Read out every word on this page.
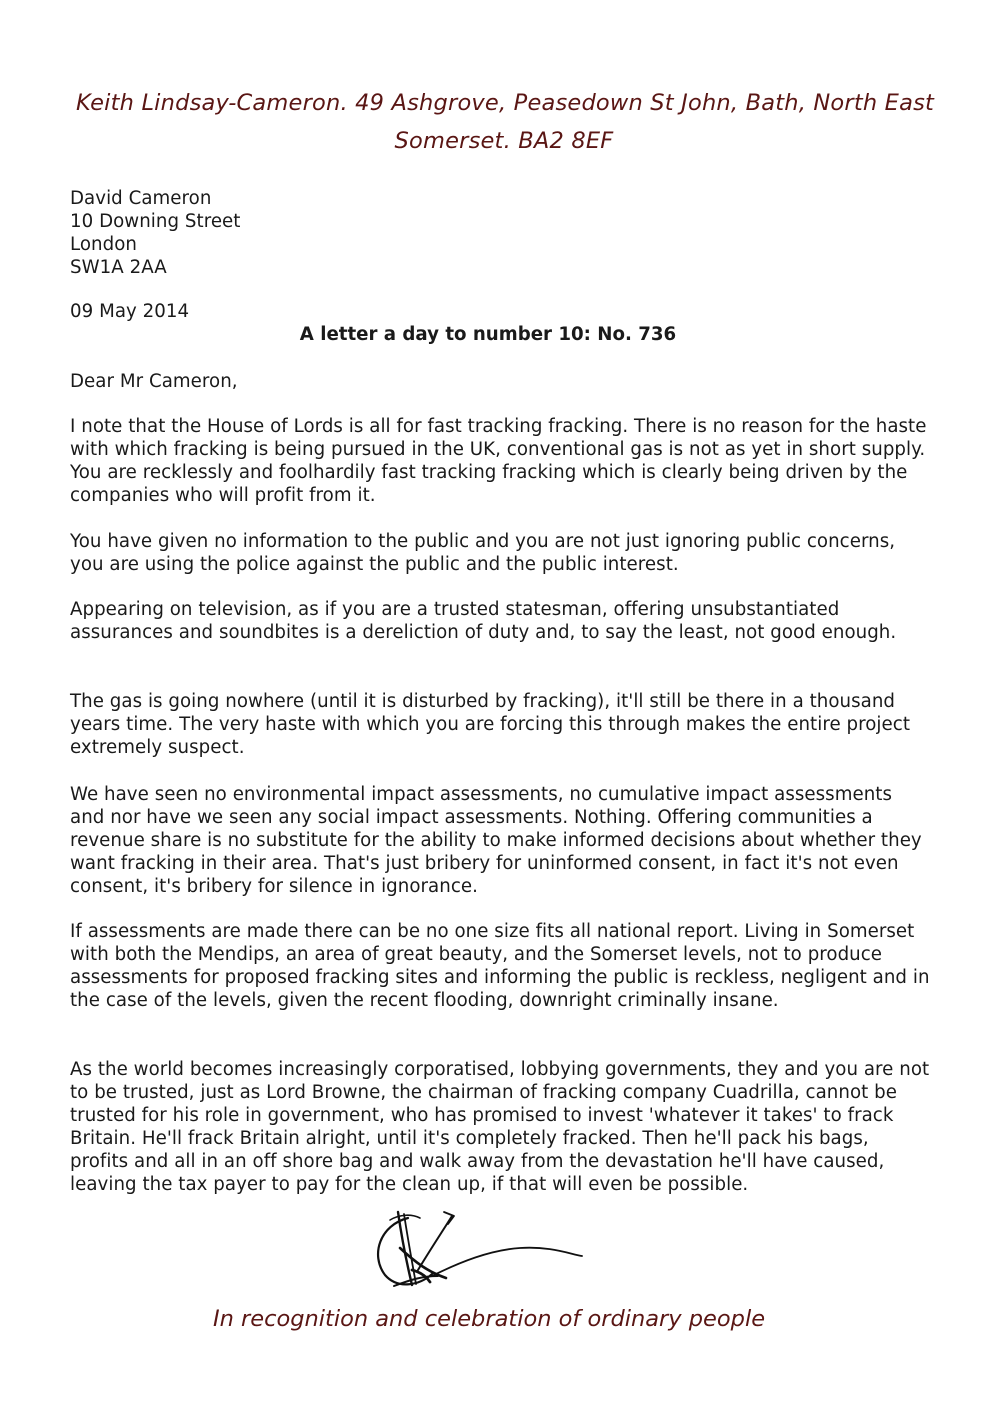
Keith Lindsay-Cameron. 49 Ashgrove, Peasedown St John, Bath, North East
Somerset. BA2 8EF
David Cameron
10 Downing Street
London
SW1A 2AA
09 May 2014
A letter a day to number 10: No. 736
Dear Mr Cameron,
I note that the House of Lords is all for fast tracking fracking. There is no reason for the haste with which fracking is being pursued in the UK, conventional gas is not as yet in short supply. You are recklessly and foolhardily fast tracking fracking which is clearly being driven by the companies who will profit from it.
You have given no information to the public and you are not just ignoring public concerns, you are using the police against the public and the public interest.
Appearing on television, as if you are a trusted statesman, offering unsubstantiated assurances and soundbites is a dereliction of duty and, to say the least, not good enough.
The gas is going nowhere (until it is disturbed by fracking), it'll still be there in a thousand years time. The very haste with which you are forcing this through makes the entire project extremely suspect.
We have seen no environmental impact assessments, no cumulative impact assessments and nor have we seen any social impact assessments. Nothing. Offering communities a revenue share is no substitute for the ability to make informed decisions about whether they want fracking in their area. That's just bribery for uninformed consent, in fact it's not even consent, it's bribery for silence in ignorance.
If assessments are made there can be no one size fits all national report. Living in Somerset with both the Mendips, an area of great beauty, and the Somerset levels, not to produce assessments for proposed fracking sites and informing the public is reckless, negligent and in the case of the levels, given the recent flooding, downright criminally insane.
As the world becomes increasingly corporatised, lobbying governments, they and you are not to be trusted, just as Lord Browne, the chairman of fracking company Cuadrilla, cannot be trusted for his role in government, who has promised to invest 'whatever it takes' to frack Britain. He'll frack Britain alright, until it's completely fracked. Then he'll pack his bags, profits and all in an off shore bag and walk away from the devastation he'll have caused, leaving the tax payer to pay for the clean up, if that will even be possible.
In recognition and celebration of ordinary people
